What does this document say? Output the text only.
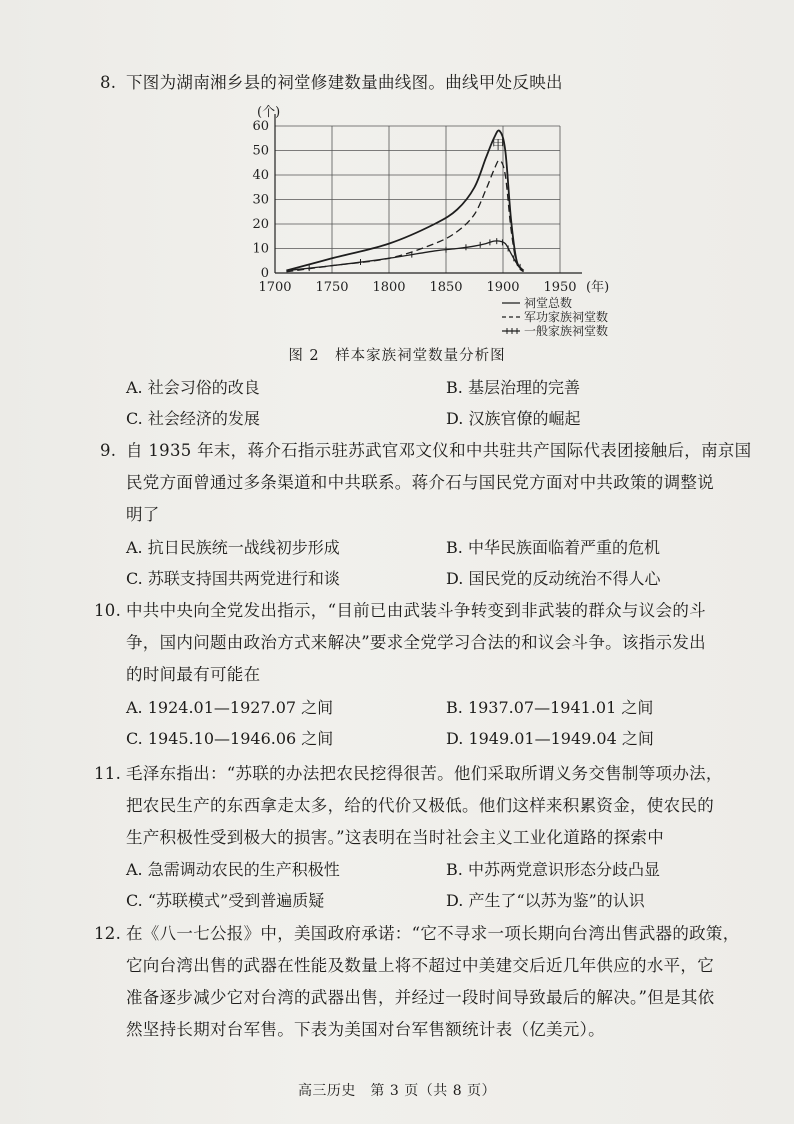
8. 下图为湖南湘乡县的祠堂修建数量曲线图。曲线甲处反映出
1700 1750 1800 1850 1900 1950
0
10
20
30
40
50
60
(个)
(年)
甲
祠堂总数
军功家族祠堂数
一般家族祠堂数
图 2　样本家族祠堂数量分析图
A. 社会习俗的改良	B. 基层治理的完善
C. 社会经济的发展	D. 汉族官僚的崛起
9. 自 1935 年末，蒋介石指示驻苏武官邓文仪和中共驻共产国际代表团接触后，南京国
民党方面曾通过多条渠道和中共联系。蒋介石与国民党方面对中共政策的调整说
明了
A. 抗日民族统一战线初步形成	B. 中华民族面临着严重的危机
C. 苏联支持国共两党进行和谈	D. 国民党的反动统治不得人心
10. 中共中央向全党发出指示，“目前已由武装斗争转变到非武装的群众与议会的斗
争，国内问题由政治方式来解决”要求全党学习合法的和议会斗争。该指示发出
的时间最有可能在
A. 1924.01—1927.07 之间	B. 1937.07—1941.01 之间
C. 1945.10—1946.06 之间	D. 1949.01—1949.04 之间
11. 毛泽东指出：“苏联的办法把农民挖得很苦。他们采取所谓义务交售制等项办法，
把农民生产的东西拿走太多，给的代价又极低。他们这样来积累资金，使农民的
生产积极性受到极大的损害。”这表明在当时社会主义工业化道路的探索中
A. 急需调动农民的生产积极性	B. 中苏两党意识形态分歧凸显
C. “苏联模式”受到普遍质疑	D. 产生了“以苏为鉴”的认识
12. 在《八一七公报》中，美国政府承诺：“它不寻求一项长期向台湾出售武器的政策，
它向台湾出售的武器在性能及数量上将不超过中美建交后近几年供应的水平，它
准备逐步减少它对台湾的武器出售，并经过一段时间导致最后的解决。”但是其依
然坚持长期对台军售。下表为美国对台军售额统计表（亿美元）。
高三历史　第 3 页（共 8 页）
